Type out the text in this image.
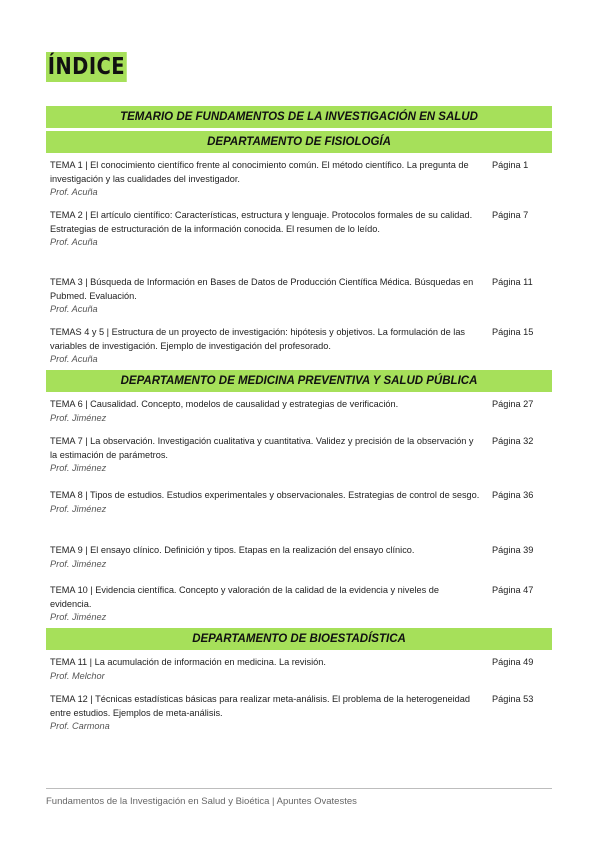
ÍNDICE
TEMARIO DE FUNDAMENTOS DE LA INVESTIGACIÓN EN SALUD
DEPARTAMENTO DE FISIOLOGÍA
TEMA 1 | El conocimiento científico frente al conocimiento común. El método científico. La pregunta de investigación y las cualidades del investigador.
Prof. Acuña
Página 1
TEMA 2 | El artículo científico: Características, estructura y lenguaje. Protocolos formales de su calidad. Estrategias de estructuración de la información conocida. El resumen de lo leído.
Prof. Acuña
Página 7
TEMA 3 | Búsqueda de Información en Bases de Datos de Producción Científica Médica. Búsquedas en Pubmed. Evaluación.
Prof. Acuña
Página 11
TEMAS 4 y 5 | Estructura de un proyecto de investigación: hipótesis y objetivos. La formulación de las variables de investigación. Ejemplo de investigación del profesorado.
Prof. Acuña
Página 15
DEPARTAMENTO DE MEDICINA PREVENTIVA Y SALUD PÚBLICA
TEMA 6 | Causalidad. Concepto, modelos de causalidad y estrategias de verificación.
Prof. Jiménez
Página 27
TEMA 7 | La observación. Investigación cualitativa y cuantitativa. Validez y precisión de la observación y la estimación de parámetros.
Prof. Jiménez
Página 32
TEMA 8 | Tipos de estudios. Estudios experimentales y observacionales. Estrategias de control de sesgo.
Prof. Jiménez
Página 36
TEMA 9 | El ensayo clínico. Definición y tipos. Etapas en la realización del ensayo clínico.
Prof. Jiménez
Página 39
TEMA 10 | Evidencia científica. Concepto y valoración de la calidad de la evidencia y niveles de evidencia.
Prof. Jiménez
Página 47
DEPARTAMENTO DE BIOESTADÍSTICA
TEMA 11 | La acumulación de información en medicina. La revisión.
Prof. Melchor
Página 49
TEMA 12 | Técnicas estadísticas básicas para realizar meta-análisis. El problema de la heterogeneidad entre estudios. Ejemplos de meta-análisis.
Prof. Carmona
Página 53
Fundamentos de la Investigación en Salud y Bioética | Apuntes Ovatestes
